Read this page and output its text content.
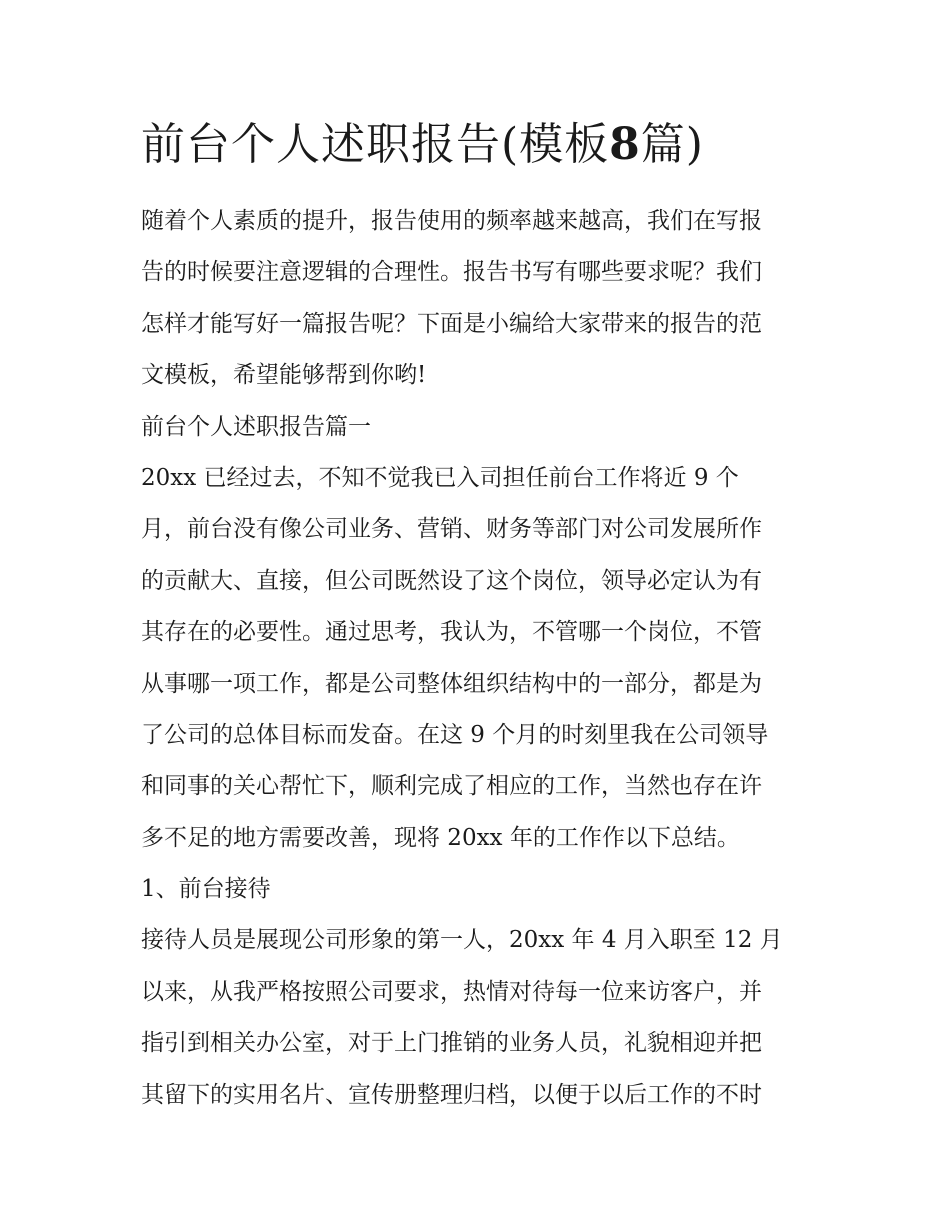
前台个人述职报告(模板8篇)
随着个人素质的提升，报告使用的频率越来越高，我们在写报
告的时候要注意逻辑的合理性。报告书写有哪些要求呢？我们
怎样才能写好一篇报告呢？下面是小编给大家带来的报告的范
文模板，希望能够帮到你哟!
前台个人述职报告篇一
20xx 已经过去，不知不觉我已入司担任前台工作将近 9 个
月，前台没有像公司业务、营销、财务等部门对公司发展所作
的贡献大、直接，但公司既然设了这个岗位，领导必定认为有
其存在的必要性。通过思考，我认为，不管哪一个岗位，不管
从事哪一项工作，都是公司整体组织结构中的一部分，都是为
了公司的总体目标而发奋。在这 9 个月的时刻里我在公司领导
和同事的关心帮忙下，顺利完成了相应的工作，当然也存在许
多不足的地方需要改善，现将 20xx 年的工作作以下总结。
1、前台接待
接待人员是展现公司形象的第一人，20xx 年 4 月入职至 12 月
以来，从我严格按照公司要求，热情对待每一位来访客户，并
指引到相关办公室，对于上门推销的业务人员，礼貌相迎并把
其留下的实用名片、宣传册整理归档，以便于以后工作的不时
